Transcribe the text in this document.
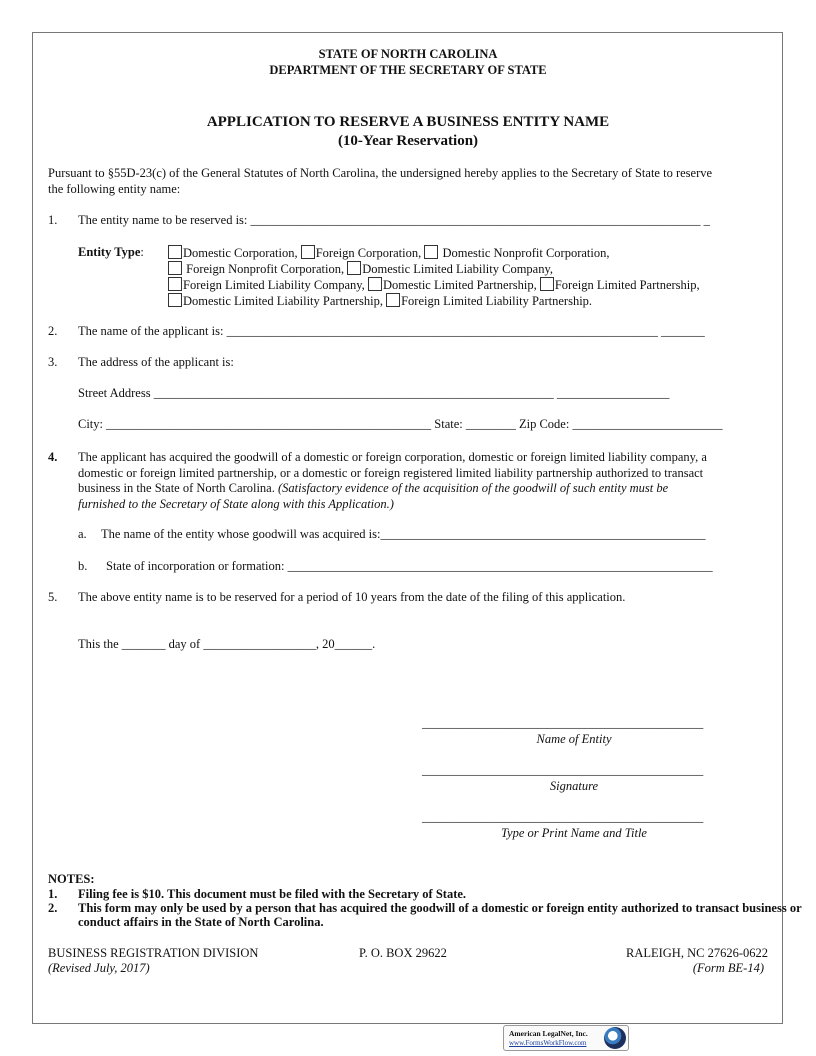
STATE OF NORTH CAROLINA
DEPARTMENT OF THE SECRETARY OF STATE
APPLICATION TO RESERVE A BUSINESS ENTITY NAME
(10-Year Reservation)
Pursuant to §55D-23(c) of the General Statutes of North Carolina, the undersigned hereby applies to the Secretary of State to reserve
the following entity name:
1. The entity name to be reserved is: ________________________________________________________________________ _
Entity Type:	Domestic Corporation, Foreign Corporation, Domestic Nonprofit Corporation,
Foreign Nonprofit Corporation, Domestic Limited Liability Company,
Foreign Limited Liability Company, Domestic Limited Partnership, Foreign Limited Partnership,
Domestic Limited Liability Partnership, Foreign Limited Liability Partnership.
2. The name of the applicant is: _____________________________________________________________________ _______
3. The address of the applicant is:
Street Address ________________________________________________________________ __________________
City: ____________________________________________________ State: ________ Zip Code: ________________________
4. The applicant has acquired the goodwill of a domestic or foreign corporation, domestic or foreign limited liability company, a
domestic or foreign limited partnership, or a domestic or foreign registered limited liability partnership authorized to transact
business in the State of North Carolina. (Satisfactory evidence of the acquisition of the goodwill of such entity must be
furnished to the Secretary of State along with this Application.)
a. The name of the entity whose goodwill was acquired is:____________________________________________________
b. State of incorporation or formation: ____________________________________________________________________
5. The above entity name is to be reserved for a period of 10 years from the date of the filing of this application.
This the _______ day of __________________, 20______.
_____________________________________________
Name of Entity
_____________________________________________
Signature
_____________________________________________
Type or Print Name and Title
NOTES:
1. Filing fee is $10. This document must be filed with the Secretary of State.
2. This form may only be used by a person that has acquired the goodwill of a domestic or foreign entity authorized to transact business or
conduct affairs in the State of North Carolina.
BUSINESS REGISTRATION DIVISION
(Revised July, 2017)
P. O. BOX 29622	RALEIGH, NC 27626-0622
(Form BE-14)
American LegalNet, Inc.
www.FormsWorkFlow.com
